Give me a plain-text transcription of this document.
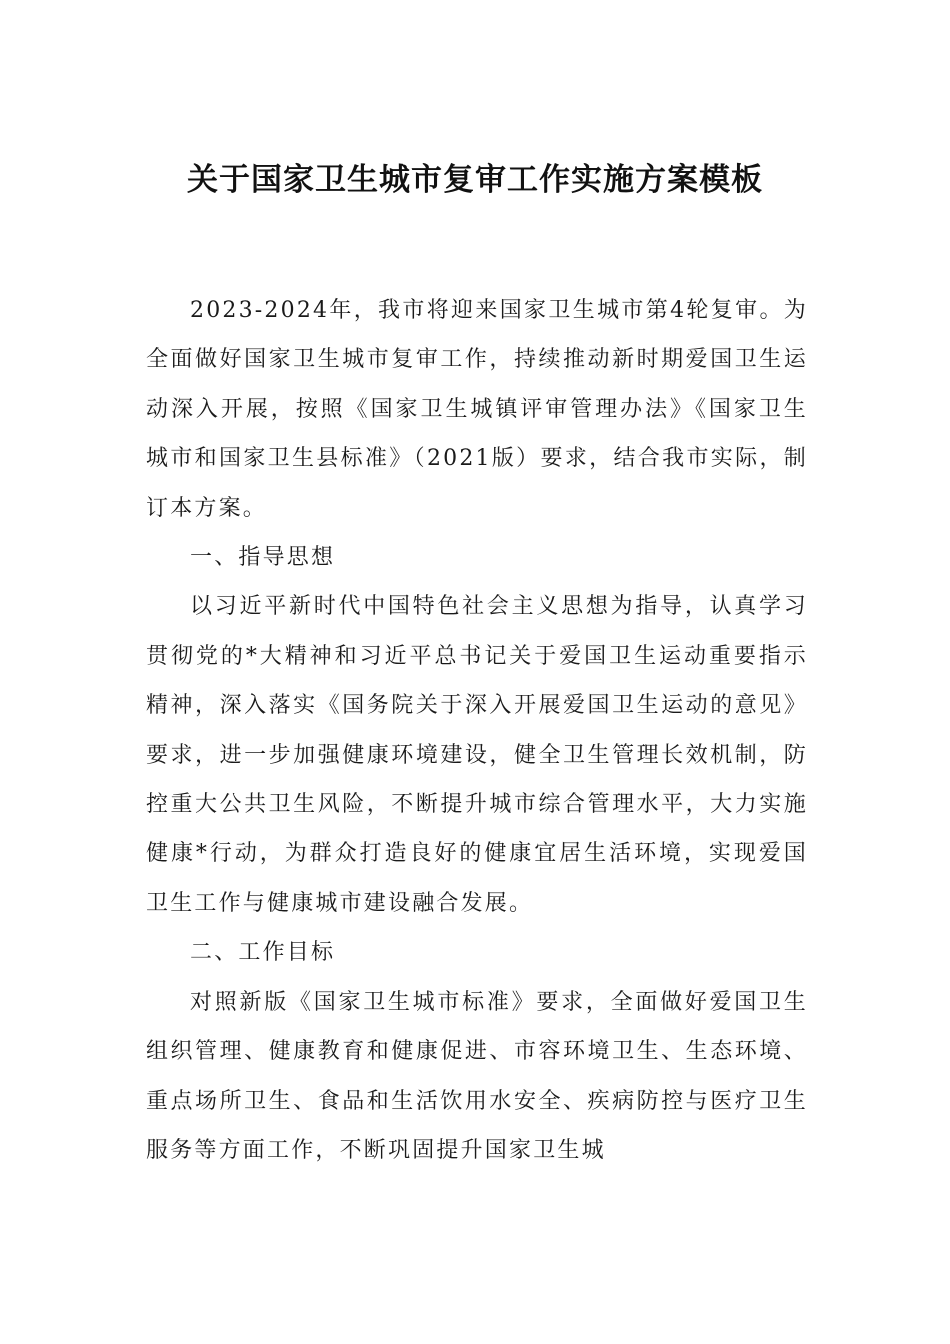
关于国家卫生城市复审工作实施方案模板

2023-2024年，我市将迎来国家卫生城市第4轮复审。为全面做好国家卫生城市复审工作，持续推动新时期爱国卫生运动深入开展，按照《国家卫生城镇评审管理办法》《国家卫生城市和国家卫生县标准》（2021版）要求，结合我市实际，制订本方案。

一、指导思想

以习近平新时代中国特色社会主义思想为指导，认真学习贯彻党的*大精神和习近平总书记关于爱国卫生运动重要指示精神，深入落实《国务院关于深入开展爱国卫生运动的意见》要求，进一步加强健康环境建设，健全卫生管理长效机制，防控重大公共卫生风险，不断提升城市综合管理水平，大力实施健康*行动，为群众打造良好的健康宜居生活环境，实现爱国卫生工作与健康城市建设融合发展。

二、工作目标

对照新版《国家卫生城市标准》要求，全面做好爱国卫生组织管理、健康教育和健康促进、市容环境卫生、生态环境、重点场所卫生、食品和生活饮用水安全、疾病防控与医疗卫生服务等方面工作，不断巩固提升国家卫生城
